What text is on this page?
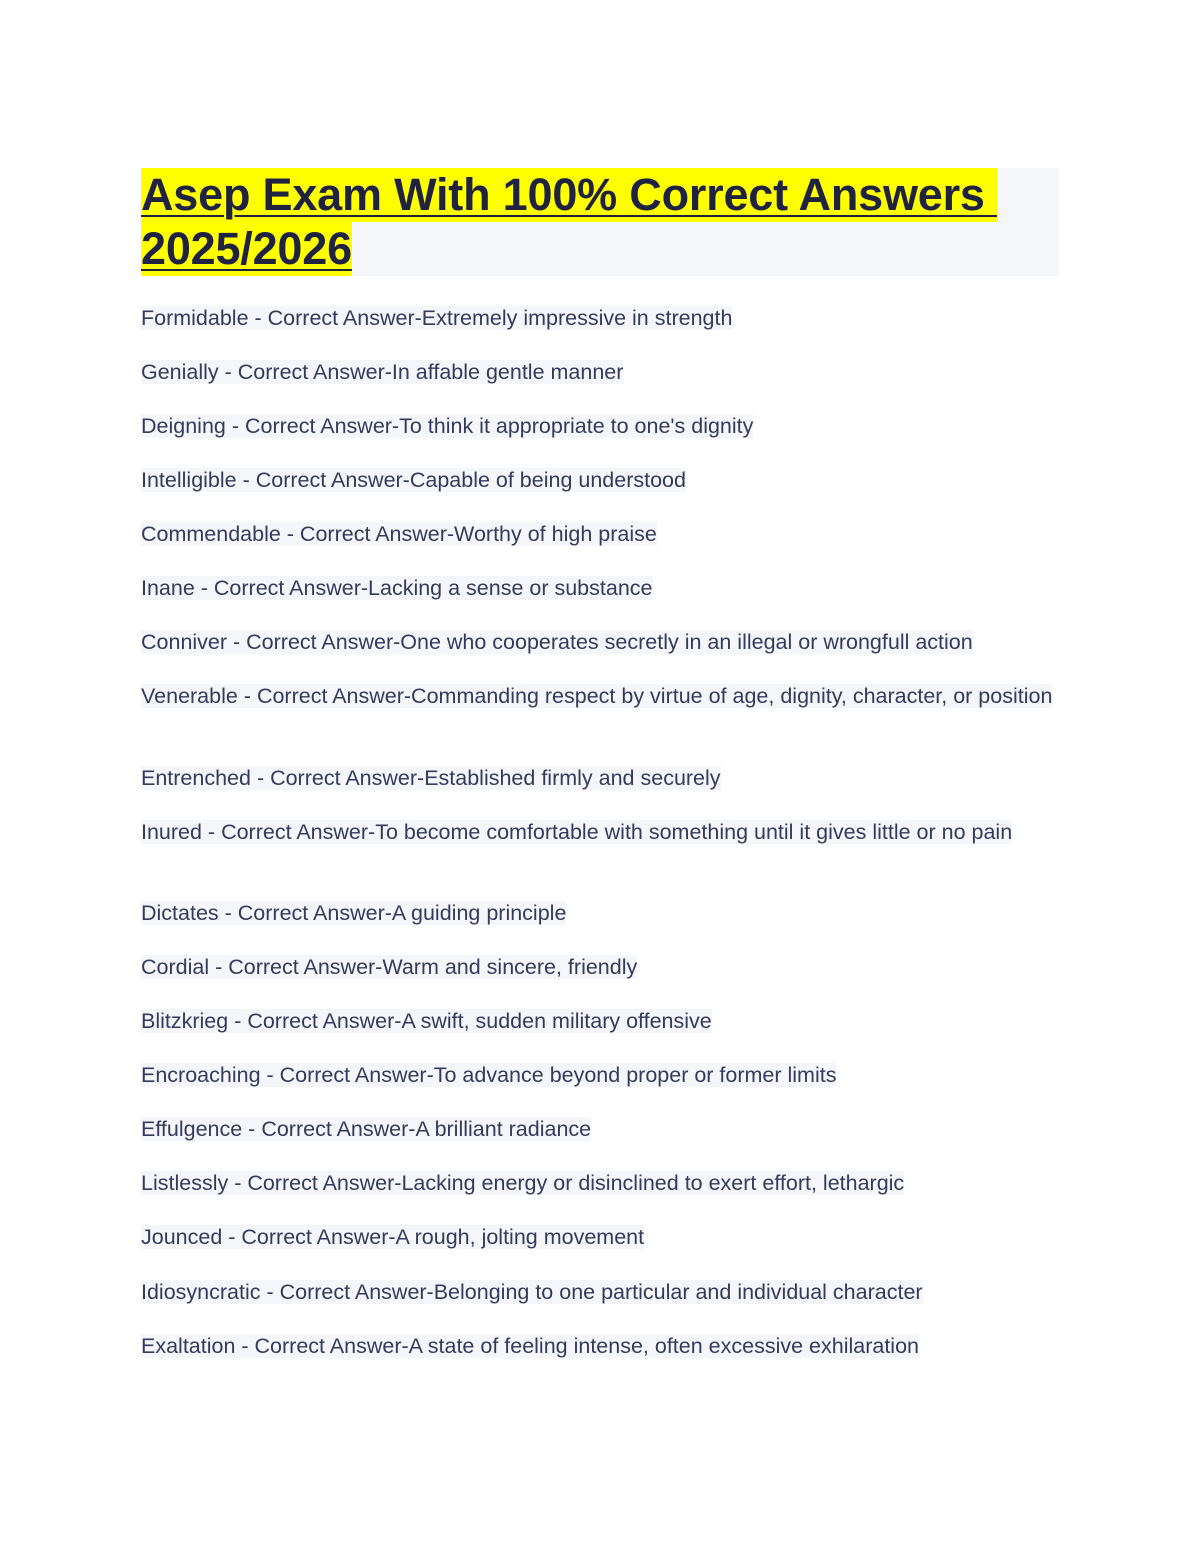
Asep Exam With 100% Correct Answers
2025/2026
Formidable - Correct Answer-Extremely impressive in strength
Genially - Correct Answer-In affable gentle manner
Deigning - Correct Answer-To think it appropriate to one's dignity
Intelligible - Correct Answer-Capable of being understood
Commendable - Correct Answer-Worthy of high praise
Inane - Correct Answer-Lacking a sense or substance
Conniver - Correct Answer-One who cooperates secretly in an illegal or wrongfull action
Venerable - Correct Answer-Commanding respect by virtue of age, dignity, character, or position
Entrenched - Correct Answer-Established firmly and securely
Inured - Correct Answer-To become comfortable with something until it gives little or no pain
Dictates - Correct Answer-A guiding principle
Cordial - Correct Answer-Warm and sincere, friendly
Blitzkrieg - Correct Answer-A swift, sudden military offensive
Encroaching - Correct Answer-To advance beyond proper or former limits
Effulgence - Correct Answer-A brilliant radiance
Listlessly - Correct Answer-Lacking energy or disinclined to exert effort, lethargic
Jounced - Correct Answer-A rough, jolting movement
Idiosyncratic - Correct Answer-Belonging to one particular and individual character
Exaltation - Correct Answer-A state of feeling intense, often excessive exhilaration
